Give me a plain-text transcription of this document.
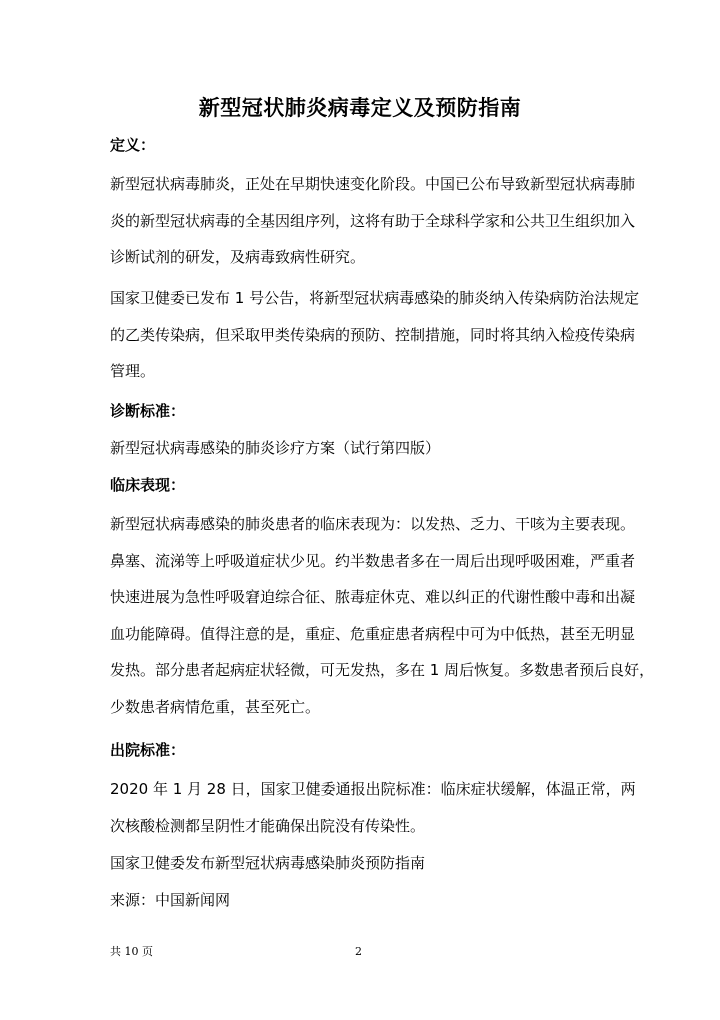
新型冠状肺炎病毒定义及预防指南
定义：
新型冠状病毒肺炎，正处在早期快速变化阶段。中国已公布导致新型冠状病毒肺
炎的新型冠状病毒的全基因组序列，这将有助于全球科学家和公共卫生组织加入
诊断试剂的研发，及病毒致病性研究。
国家卫健委已发布 1 号公告，将新型冠状病毒感染的肺炎纳入传染病防治法规定
的乙类传染病，但采取甲类传染病的预防、控制措施，同时将其纳入检疫传染病
管理。
诊断标准：
新型冠状病毒感染的肺炎诊疗方案（试行第四版）
临床表现：
新型冠状病毒感染的肺炎患者的临床表现为：以发热、乏力、干咳为主要表现。
鼻塞、流涕等上呼吸道症状少见。约半数患者多在一周后出现呼吸困难，严重者
快速进展为急性呼吸窘迫综合征、脓毒症休克、难以纠正的代谢性酸中毒和出凝
血功能障碍。值得注意的是，重症、危重症患者病程中可为中低热，甚至无明显
发热。部分患者起病症状轻微，可无发热，多在 1 周后恢复。多数患者预后良好，
少数患者病情危重，甚至死亡。
出院标准：
2020 年 1 月 28 日，国家卫健委通报出院标准：临床症状缓解，体温正常，两
次核酸检测都呈阴性才能确保出院没有传染性。
国家卫健委发布新型冠状病毒感染肺炎预防指南
来源：中国新闻网
共 10 页	2
